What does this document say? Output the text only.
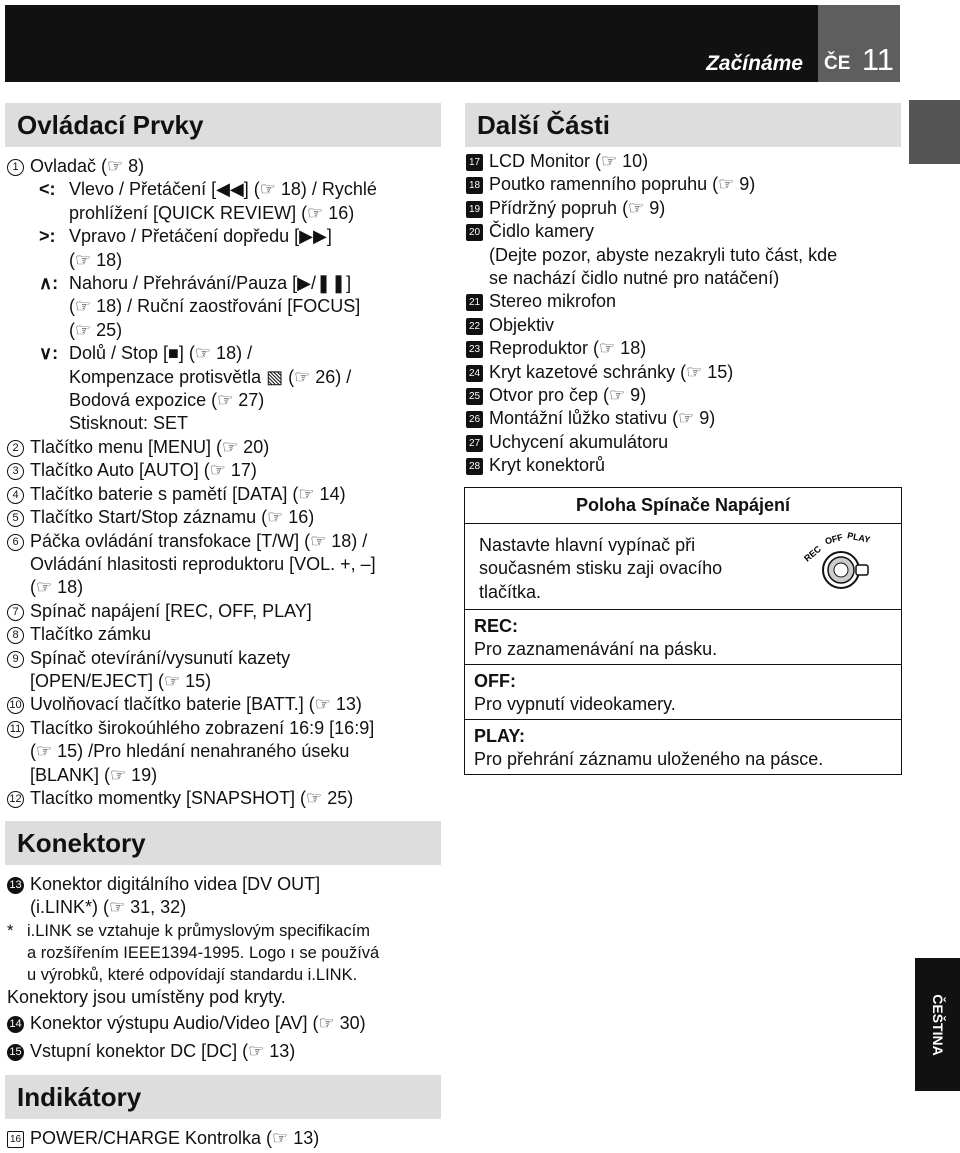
Začínáme ČE 11
ČEŠTINA
Ovládací Prvky
1 Ovladač (☞ 8)
<: Vlevo / Přetáčení [◀◀] (☞ 18) / Rychlé
prohlížení [QUICK REVIEW] (☞ 16)
>: Vpravo / Přetáčení dopředu [▶▶]
(☞ 18)
∧: Nahoru / Přehrávání/Pauza [▶/❚❚]
(☞ 18) / Ruční zaostřování [FOCUS]
(☞ 25)
∨: Dolů / Stop [■] (☞ 18) /
Kompenzace protisvětla ▧ (☞ 26) /
Bodová expozice (☞ 27)
Stisknout: SET
2 Tlačítko menu [MENU] (☞ 20)
3 Tlačítko Auto [AUTO] (☞ 17)
4 Tlačítko baterie s pamětí [DATA] (☞ 14)
5 Tlačítko Start/Stop záznamu (☞ 16)
6 Páčka ovládání transfokace [T/W] (☞ 18) /
Ovládání hlasitosti reproduktoru [VOL. +, –]
(☞ 18)
7 Spínač napájení [REC, OFF, PLAY]
8 Tlačítko zámku
9 Spínač otevírání/vysunutí kazety
[OPEN/EJECT] (☞ 15)
10 Uvolňovací tlačítko baterie [BATT.] (☞ 13)
11 Tlacítko širokoúhlého zobrazení 16:9 [16:9]
(☞ 15) /Pro hledání nenahraného úseku
[BLANK] (☞ 19)
12 Tlacítko momentky [SNAPSHOT] (☞ 25)
Konektory
13 Konektor digitálního videa [DV OUT]
(i.LINK*) (☞ 31, 32)
* i.LINK se vztahuje k průmyslovým specifikacím
a rozšířením IEEE1394-1995. Logo ı se používá
u výrobků, které odpovídají standardu i.LINK.
Konektory jsou umístěny pod kryty.
14 Konektor výstupu Audio/Video [AV] (☞ 30)
15 Vstupní konektor DC [DC] (☞ 13)
Indikátory
16 POWER/CHARGE Kontrolka (☞ 13)
Další Části
17 LCD Monitor (☞ 10)
18 Poutko ramenního popruhu (☞ 9)
19 Přídržný popruh (☞ 9)
20 Čidlo kamery
(Dejte pozor, abyste nezakryli tuto část, kde
se nachází čidlo nutné pro natáčení)
21 Stereo mikrofon
22 Objektiv
23 Reproduktor (☞ 18)
24 Kryt kazetové schránky (☞ 15)
25 Otvor pro čep (☞ 9)
26 Montážní lůžko stativu (☞ 9)
27 Uchycení akumulátoru
28 Kryt konektorů
Poloha Spínače Napájení
Nastavte hlavní vypínač při
současném stisku zaji ovacího
tlačítka.
REC
OFF PLAY
REC:
Pro zaznamenávání na pásku.
OFF:
Pro vypnutí videokamery.
PLAY:
Pro přehrání záznamu uloženého na pásce.
